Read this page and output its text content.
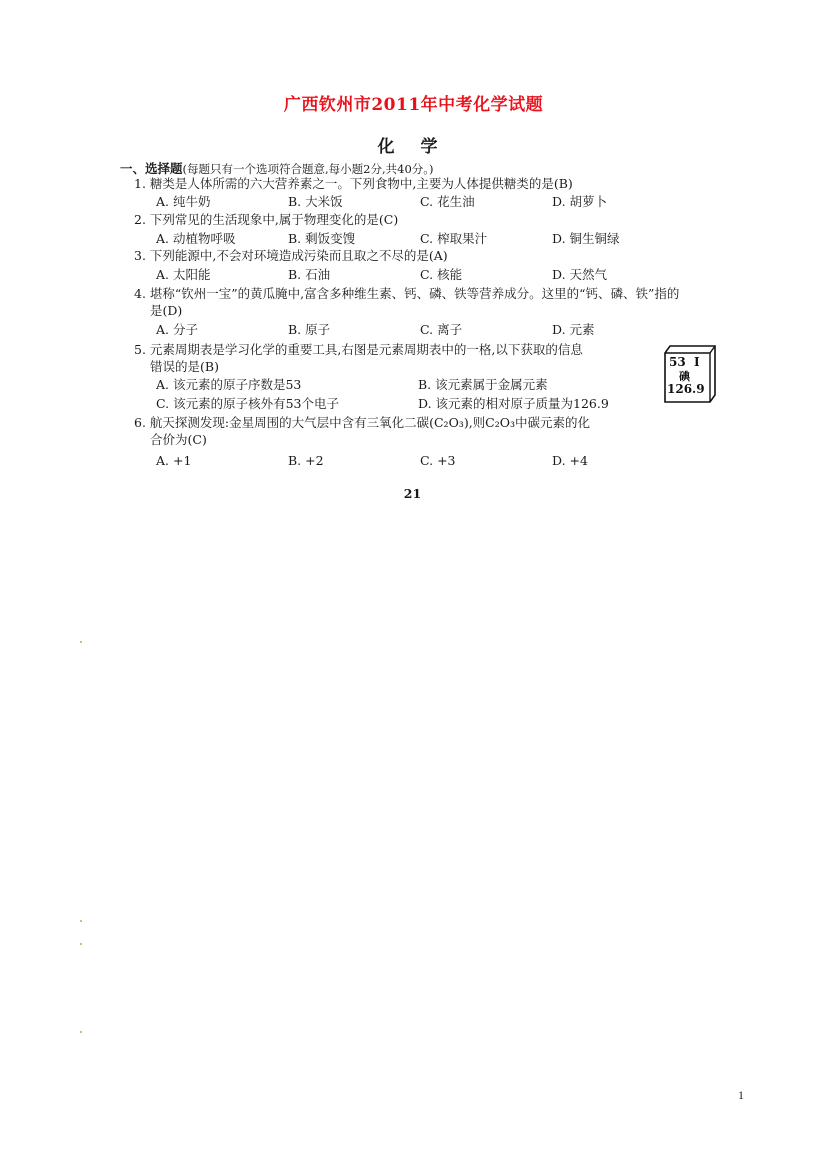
广西钦州市2011年中考化学试题
化 学
一、选择题(每题只有一个选项符合题意,每小题2分,共40分。)
1. 糖类是人体所需的六大营养素之一。下列食物中,主要为人体提供糖类的是(B)
A. 纯牛奶	B. 大米饭	C. 花生油	D. 胡萝卜
2. 下列常见的生活现象中,属于物理变化的是(C)
A. 动植物呼吸	B. 剩饭变馊	C. 榨取果汁	D. 铜生铜绿
3. 下列能源中,不会对环境造成污染而且取之不尽的是(A)
A. 太阳能	B. 石油	C. 核能	D. 天然气
4. 堪称“钦州一宝”的黄瓜腌中,富含多种维生素、钙、磷、铁等营养成分。这里的“钙、磷、铁”指的
是(D)
A. 分子	B. 原子	C. 离子	D. 元素
5. 元素周期表是学习化学的重要工具,右图是元素周期表中的一格,以下获取的信息
错误的是(B)
A. 该元素的原子序数是53	B. 该元素属于金属元素
C. 该元素的原子核外有53个电子	D. 该元素的相对原子质量为126.9
53 I
碘
126.9
6. 航天探测发现:金星周围的大气层中含有三氧化二碳(C₂O₃),则C₂O₃中碳元素的化
合价为(C)
A. +1	B. +2	C. +3	D. +4
21
1
